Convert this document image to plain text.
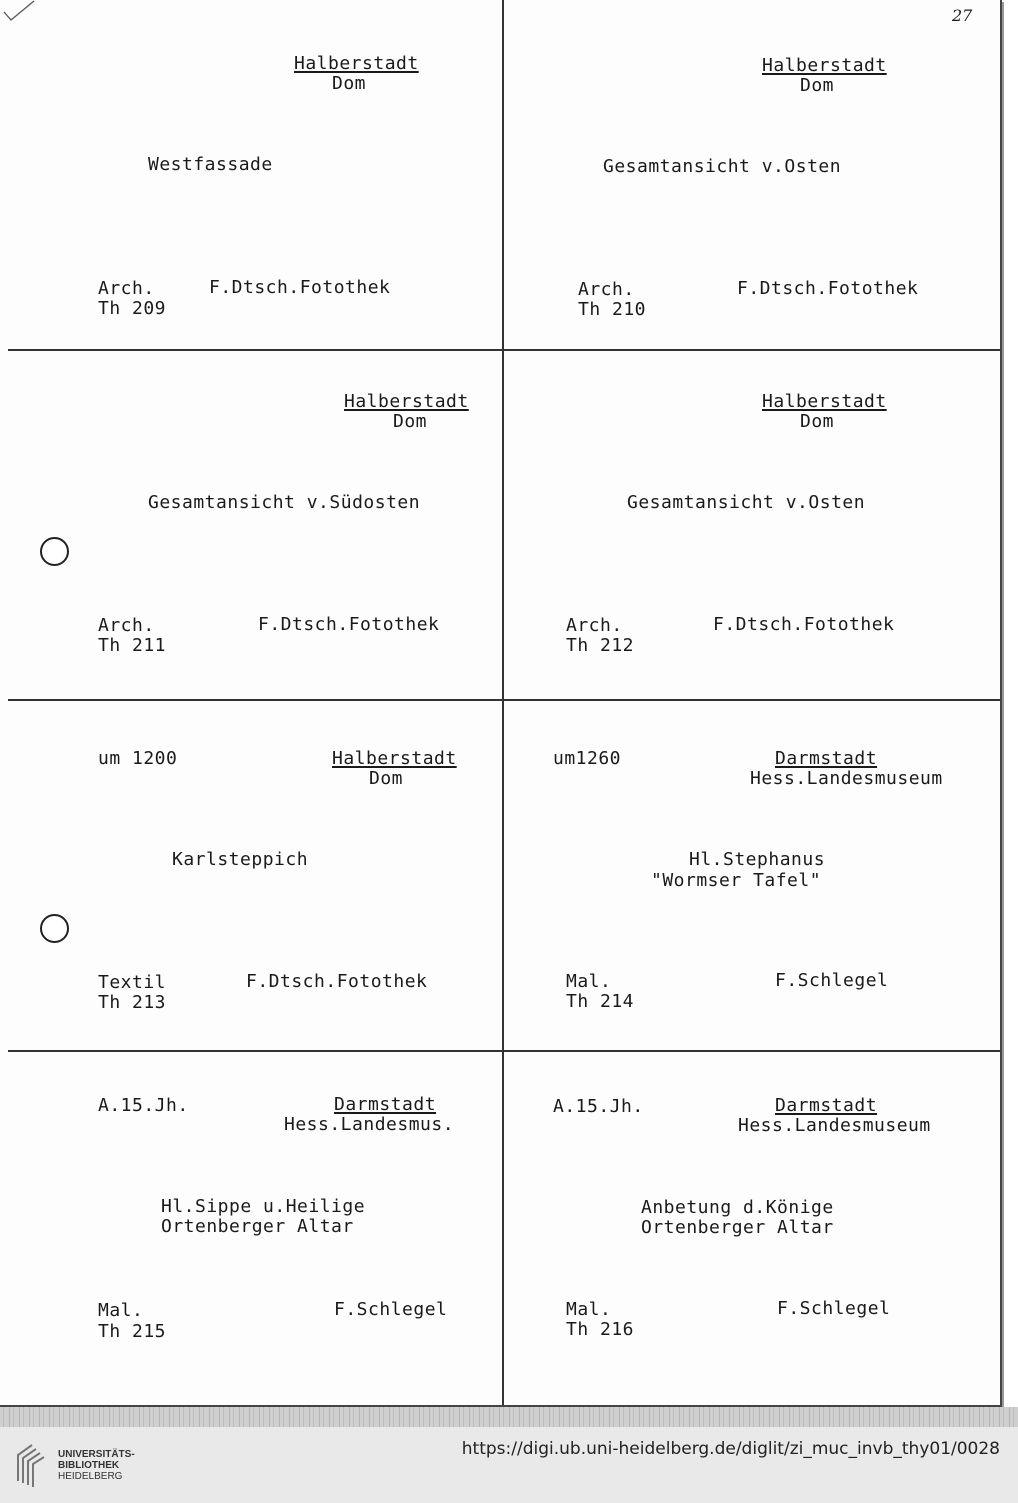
27
Halberstadt
Dom
Westfassade
Arch.	F.Dtsch.Fotothek
Th 209
Halberstadt
Dom
Gesamtansicht v.Osten
Arch.	F.Dtsch.Fotothek
Th 210
Halberstadt
Dom
Gesamtansicht v.Südosten
Arch.	F.Dtsch.Fotothek
Th 211
Halberstadt
Dom
Gesamtansicht v.Osten
Arch.	F.Dtsch.Fotothek
Th 212
um 1200	Halberstadt
Dom
Karlsteppich
Textil	F.Dtsch.Fotothek
Th 213
um1260	Darmstadt
Hess.Landesmuseum
Hl.Stephanus
"Wormser Tafel"
Mal.	F.Schlegel
Th 214
A.15.Jh.	Darmstadt
Hess.Landesmus.
Hl.Sippe u.Heilige
Ortenberger Altar
Mal.	F.Schlegel
Th 215
A.15.Jh.	Darmstadt
Hess.Landesmuseum
Anbetung d.Könige
Ortenberger Altar
Mal.	F.Schlegel
Th 216
UNIVERSITÄTS-
BIBLIOTHEK
HEIDELBERG
https://digi.ub.uni-heidelberg.de/diglit/zi_muc_invb_thy01/0028
